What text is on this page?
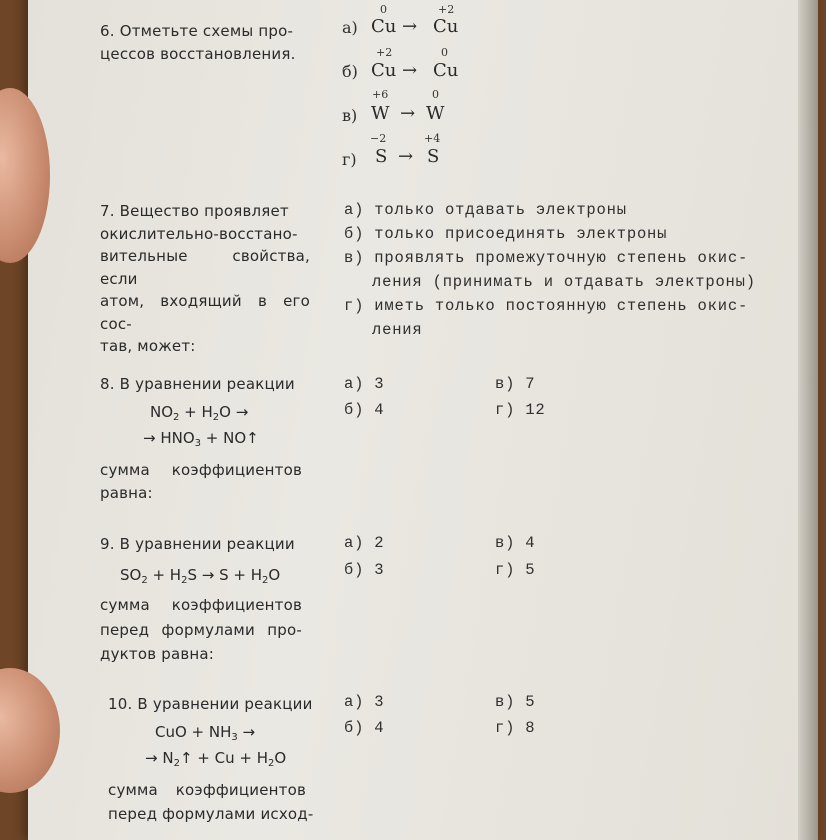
6. Отметьте схемы про-
цессов восстановления.
а)
0
Cu →
+2
Cu
б)
+2
Cu →
0
Cu
в)
+6
W →
0
W
г)
−2
S →
+4
S
7. Вещество проявляет
окислительно-восстано-
вительные свойства, если
атом, входящий в его сос-
тав, может:
а) только отдавать электроны
б) только присоединять электроны
в) проявлять промежуточную степень окис-
ления (принимать и отдавать электроны)
г) иметь только постоянную степень окис-
ления
8. В уравнении реакции
$NO_2 + H_2O$ →
→ $HNO_3$ + NO↑
сумма коэффициентов
равна:
а) 3
б) 4
в) 7
г) 12
9. В уравнении реакции
$SO_2 + H_2S \to S + H_2O$
сумма коэффициентов
перед формулами про-
дуктов равна:
а) 2
б) 3
в) 4
г) 5
10. В уравнении реакции
CuO + $NH_3$ →
→ $N_2↑ + Cu + H_2O$
сумма коэффициентов
перед формулами исход-
а) 3
б) 4
в) 5
г) 8
